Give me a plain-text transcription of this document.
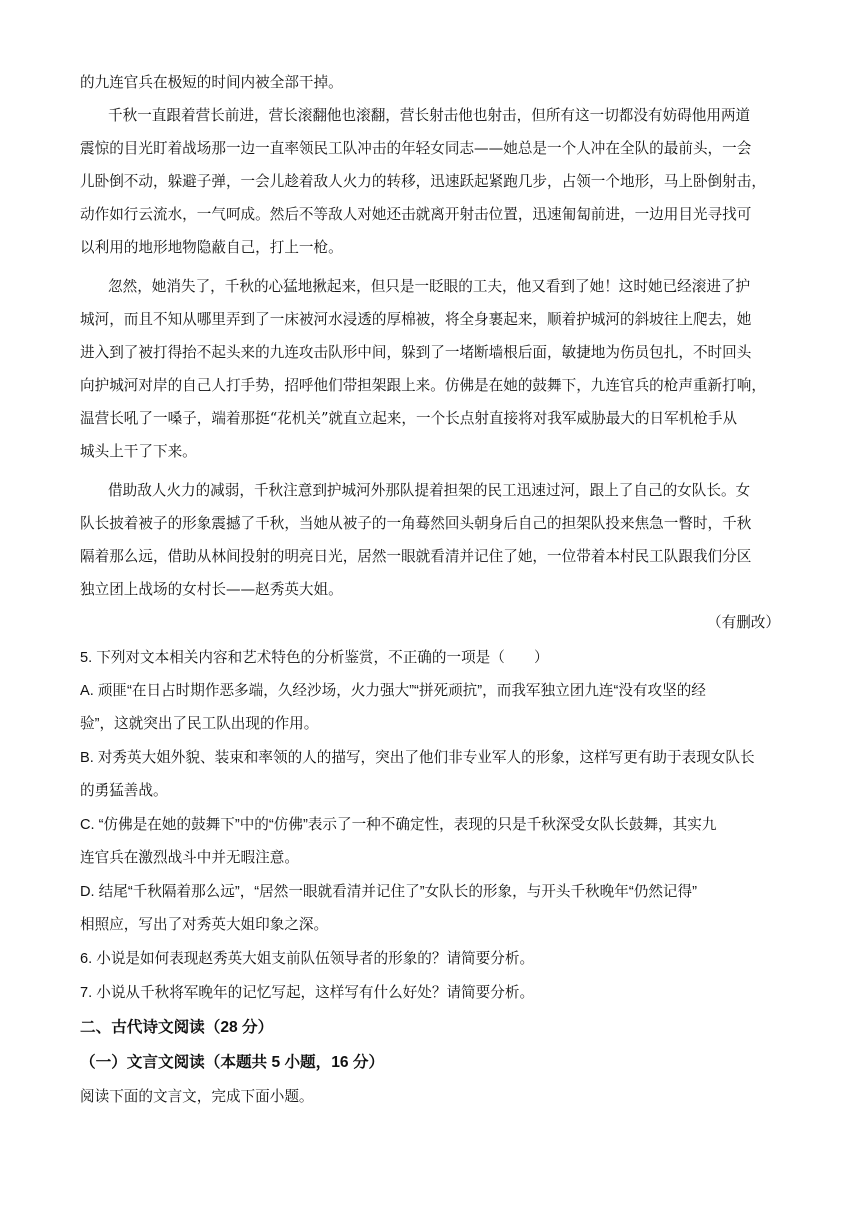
的九连官兵在极短的时间内被全部干掉。
千秋一直跟着营长前进，营长滚翻他也滚翻，营长射击他也射击，但所有这一切都没有妨碍他用两道
震惊的目光盯着战场那一边一直率领民工队冲击的年轻女同志——她总是一个人冲在全队的最前头，一会
儿卧倒不动，躲避子弹，一会儿趁着敌人火力的转移，迅速跃起紧跑几步，占领一个地形，马上卧倒射击，
动作如行云流水，一气呵成。然后不等敌人对她还击就离开射击位置，迅速匍匐前进，一边用目光寻找可
以利用的地形地物隐蔽自己，打上一枪。
忽然，她消失了，千秋的心猛地揪起来，但只是一眨眼的工夫，他又看到了她！这时她已经滚进了护
城河，而且不知从哪里弄到了一床被河水浸透的厚棉被，将全身裹起来，顺着护城河的斜坡往上爬去，她
进入到了被打得抬不起头来的九连攻击队形中间，躲到了一堵断墙根后面，敏捷地为伤员包扎，不时回头
向护城河对岸的自己人打手势，招呼他们带担架跟上来。仿佛是在她的鼓舞下，九连官兵的枪声重新打响，
温营长吼了一嗓子，端着那挺“花机关”就直立起来，一个长点射直接将对我军威胁最大的日军机枪手从
城头上干了下来。
借助敌人火力的减弱，千秋注意到护城河外那队提着担架的民工迅速过河，跟上了自己的女队长。女
队长披着被子的形象震撼了千秋，当她从被子的一角蓦然回头朝身后自己的担架队投来焦急一瞥时，千秋
隔着那么远，借助从林间投射的明亮日光，居然一眼就看清并记住了她，一位带着本村民工队跟我们分区
独立团上战场的女村长——赵秀英大姐。
（有删改）
5. 下列对文本相关内容和艺术特色的分析鉴赏，不正确的一项是（　　）
A. 顽匪“在日占时期作恶多端，久经沙场，火力强大”“拼死顽抗”，而我军独立团九连“没有攻坚的经
验”，这就突出了民工队出现的作用。
B. 对秀英大姐外貌、装束和率领的人的描写，突出了他们非专业军人的形象，这样写更有助于表现女队长
的勇猛善战。
C. “仿佛是在她的鼓舞下”中的“仿佛”表示了一种不确定性，表现的只是千秋深受女队长鼓舞，其实九
连官兵在激烈战斗中并无暇注意。
D. 结尾“千秋隔着那么远”，“居然一眼就看清并记住了”女队长的形象，与开头千秋晚年“仍然记得”
相照应，写出了对秀英大姐印象之深。
6. 小说是如何表现赵秀英大姐支前队伍领导者的形象的？请简要分析。
7. 小说从千秋将军晚年的记忆写起，这样写有什么好处？请简要分析。
二、古代诗文阅读（28 分）
（一）文言文阅读（本题共 5 小题，16 分）
阅读下面的文言文，完成下面小题。
